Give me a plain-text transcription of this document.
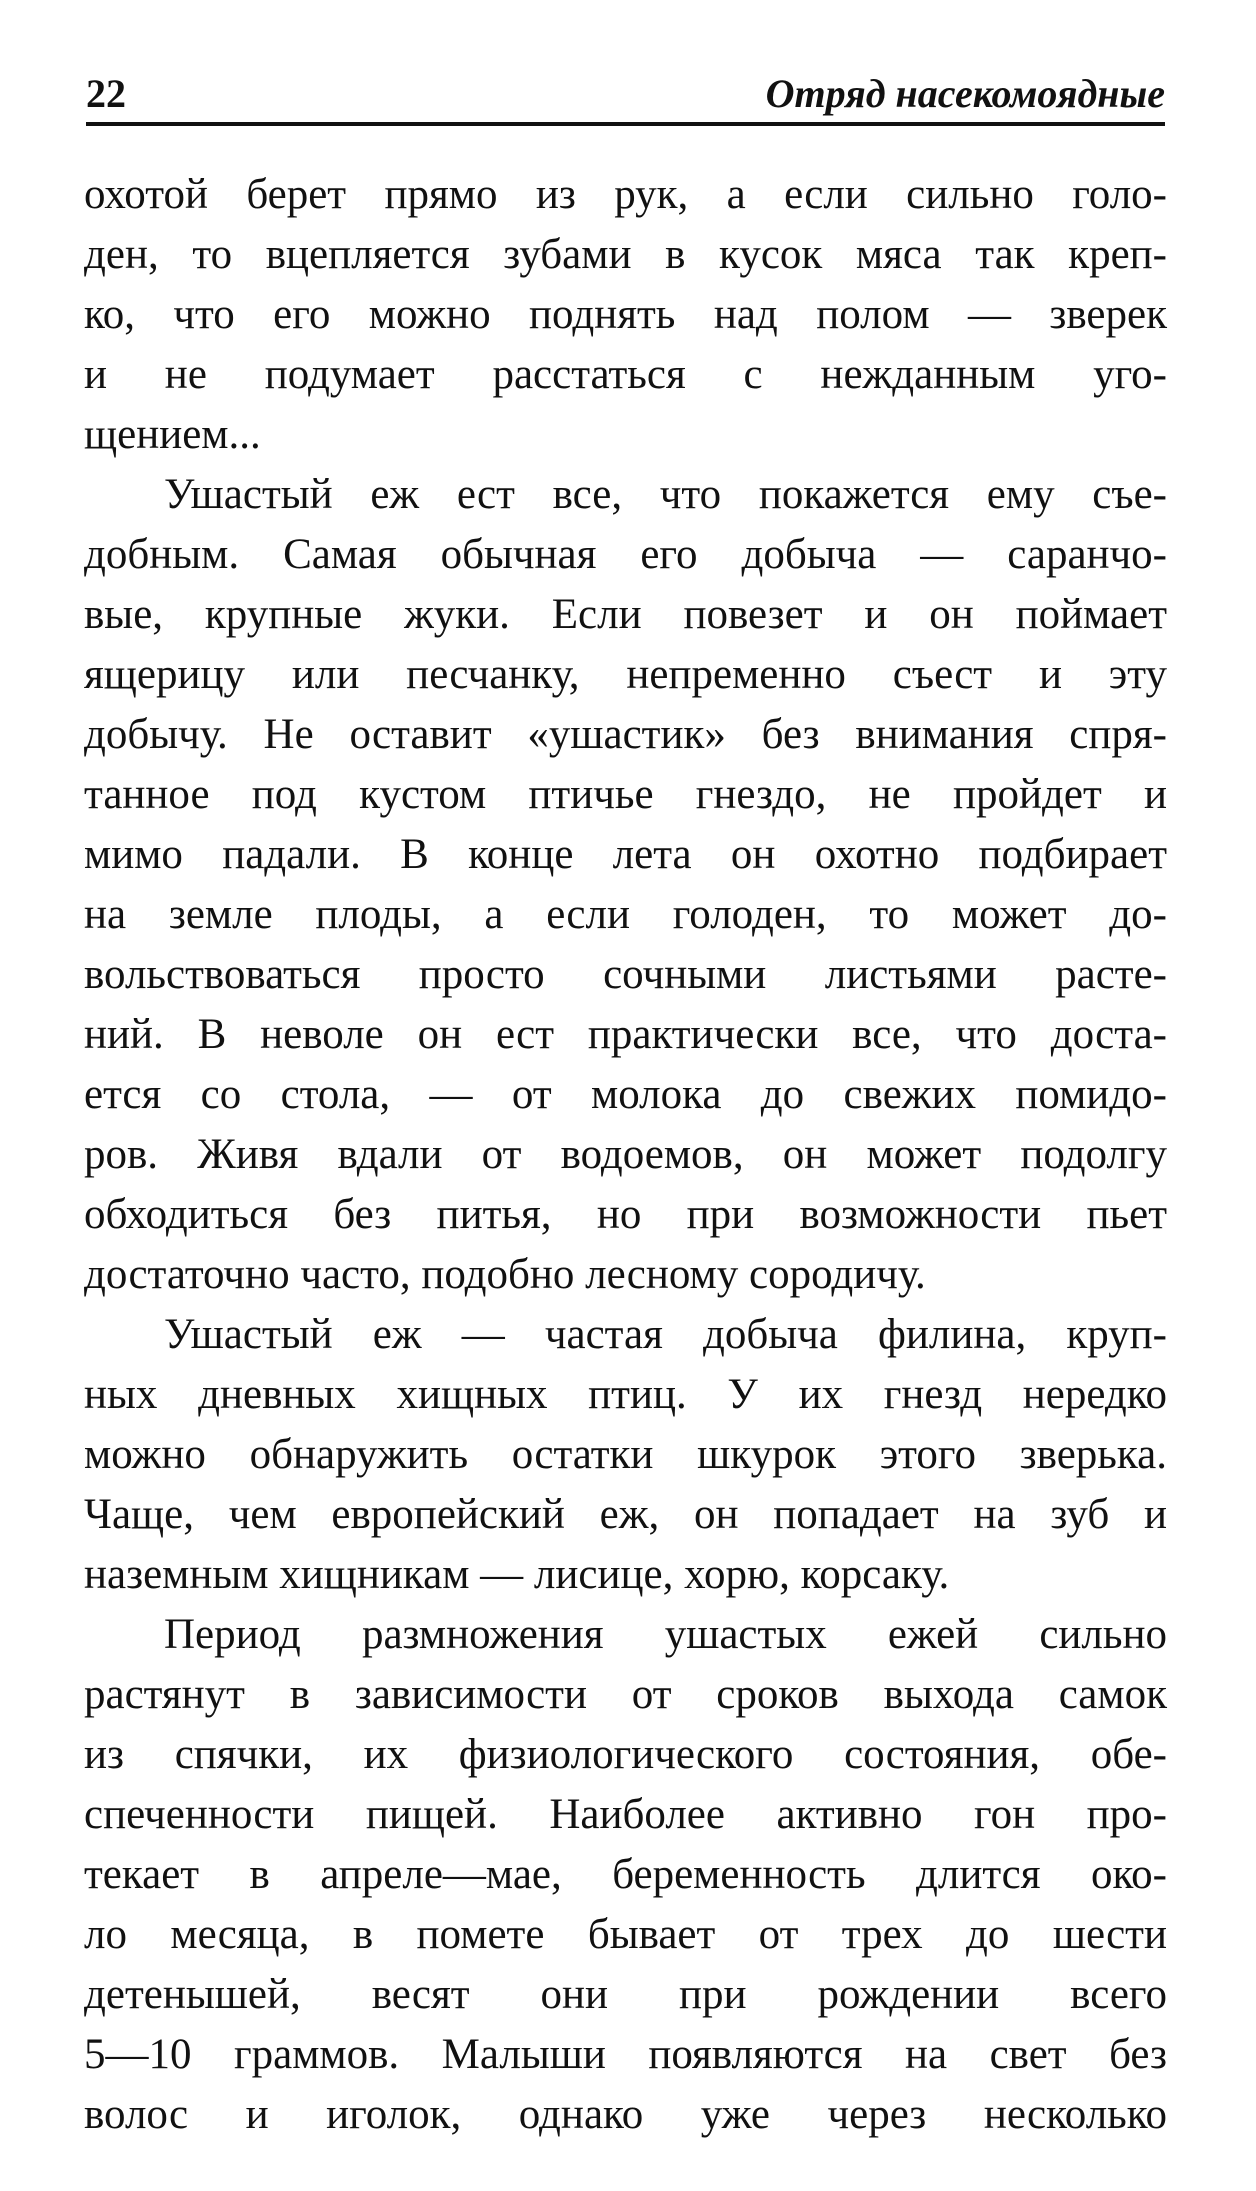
22	Отряд насекомоядные
охотой берет прямо из рук, а если сильно голо-
ден, то вцепляется зубами в кусок мяса так креп-
ко, что его можно поднять над полом — зверек
и не подумает расстаться с нежданным уго-
щением...
Ушастый еж ест все, что покажется ему съе-
добным. Самая обычная его добыча — саранчо-
вые, крупные жуки. Если повезет и он поймает
ящерицу или песчанку, непременно съест и эту
добычу. Не оставит «ушастик» без внимания спря-
танное под кустом птичье гнездо, не пройдет и
мимо падали. В конце лета он охотно подбирает
на земле плоды, а если голоден, то может до-
вольствоваться просто сочными листьями расте-
ний. В неволе он ест практически все, что доста-
ется со стола, — от молока до свежих помидо-
ров. Живя вдали от водоемов, он может подолгу
обходиться без питья, но при возможности пьет
достаточно часто, подобно лесному сородичу.
Ушастый еж — частая добыча филина, круп-
ных дневных хищных птиц. У их гнезд нередко
можно обнаружить остатки шкурок этого зверька.
Чаще, чем европейский еж, он попадает на зуб и
наземным хищникам — лисице, хорю, корсаку.
Период размножения ушастых ежей сильно
растянут в зависимости от сроков выхода самок
из спячки, их физиологического состояния, обе-
спеченности пищей. Наиболее активно гон про-
текает в апреле—мае, беременность длится око-
ло месяца, в помете бывает от трех до шести
детенышей, весят они при рождении всего
5—10 граммов. Малыши появляются на свет без
волос и иголок, однако уже через несколько
